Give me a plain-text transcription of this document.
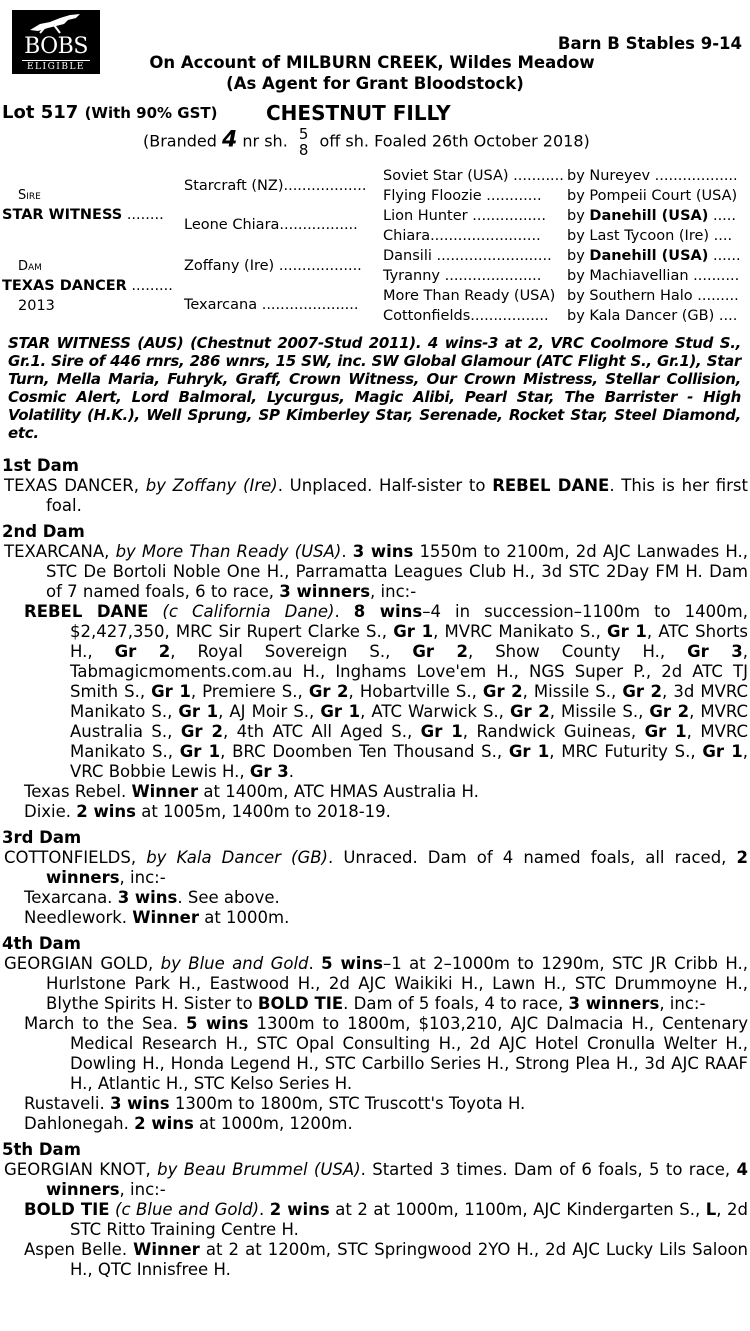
BOBS
ELIGIBLE
Barn B Stables 9-14
On Account of MILBURN CREEK, Wildes Meadow
(As Agent for Grant Bloodstock)
Lot 517 (With 90% GST) CHESTNUT FILLY
(Branded 4 nr sh. 5
8 off sh. Foaled 26th October 2018)
Sire
STAR WITNESS ........
Dam
TEXAS DANCER .........
2013
Starcraft (NZ)..................
Leone Chiara.................
Zoffany (Ire) ..................
Texarcana .....................
Soviet Star (USA) ...........
Flying Floozie ............
Lion Hunter ................
Chiara........................
Dansili .........................
Tyranny .....................
More Than Ready (USA)
Cottonfields.................
by Nureyev ..................
by Pompeii Court (USA)
by Danehill (USA) .....
by Last Tycoon (Ire) ....
by Danehill (USA) ......
by Machiavellian ..........
by Southern Halo .........
by Kala Dancer (GB) ....
STAR WITNESS (AUS) (Chestnut 2007-Stud 2011). 4 wins-3 at 2, VRC Coolmore Stud S., Gr.1. Sire of 446 rnrs, 286 wnrs, 15 SW, inc. SW Global Glamour (ATC Flight S., Gr.1), Star Turn, Mella Maria, Fuhryk, Graff, Crown Witness, Our Crown Mistress, Stellar Collision, Cosmic Alert, Lord Balmoral, Lycurgus, Magic Alibi, Pearl Star, The Barrister - High Volatility (H.K.), Well Sprung, SP Kimberley Star, Serenade, Rocket Star, Steel Diamond, etc.
1st Dam

TEXAS DANCER, by Zoffany (Ire). Unplaced. Half-sister to REBEL DANE. This is her first foal.

2nd Dam

TEXARCANA, by More Than Ready (USA). 3 wins 1550m to 2100m, 2d AJC Lanwades H., STC De Bortoli Noble One H., Parramatta Leagues Club H., 3d STC 2Day FM H. Dam of 7 named foals, 6 to race, 3 winners, inc:-

REBEL DANE (c California Dane). 8 wins–4 in succession–1100m to 1400m, $2,427,350, MRC Sir Rupert Clarke S., Gr 1, MVRC Manikato S., Gr 1, ATC Shorts H., Gr 2, Royal Sovereign S., Gr 2, Show County H., Gr 3, Tabmagicmoments.com.au H., Inghams Love'em H., NGS Super P., 2d ATC TJ Smith S., Gr 1, Premiere S., Gr 2, Hobartville S., Gr 2, Missile S., Gr 2, 3d MVRC Manikato S., Gr 1, AJ Moir S., Gr 1, ATC Warwick S., Gr 2, Missile S., Gr 2, MVRC Australia S., Gr 2, 4th ATC All Aged S., Gr 1, Randwick Guineas, Gr 1, MVRC Manikato S., Gr 1, BRC Doomben Ten Thousand S., Gr 1, MRC Futurity S., Gr 1, VRC Bobbie Lewis H., Gr 3.

Texas Rebel. Winner at 1400m, ATC HMAS Australia H.

Dixie. 2 wins at 1005m, 1400m to 2018-19.

3rd Dam

COTTONFIELDS, by Kala Dancer (GB). Unraced. Dam of 4 named foals, all raced, 2 winners, inc:-

Texarcana. 3 wins. See above.

Needlework. Winner at 1000m.

4th Dam

GEORGIAN GOLD, by Blue and Gold. 5 wins–1 at 2–1000m to 1290m, STC JR Cribb H., Hurlstone Park H., Eastwood H., 2d AJC Waikiki H., Lawn H., STC Drummoyne H., Blythe Spirits H. Sister to BOLD TIE. Dam of 5 foals, 4 to race, 3 winners, inc:-

March to the Sea. 5 wins 1300m to 1800m, $103,210, AJC Dalmacia H., Centenary Medical Research H., STC Opal Consulting H., 2d AJC Hotel Cronulla Welter H., Dowling H., Honda Legend H., STC Carbillo Series H., Strong Plea H., 3d AJC RAAF H., Atlantic H., STC Kelso Series H.

Rustaveli. 3 wins 1300m to 1800m, STC Truscott's Toyota H.

Dahlonegah. 2 wins at 1000m, 1200m.

5th Dam

GEORGIAN KNOT, by Beau Brummel (USA). Started 3 times. Dam of 6 foals, 5 to race, 4 winners, inc:-

BOLD TIE (c Blue and Gold). 2 wins at 2 at 1000m, 1100m, AJC Kindergarten S., L, 2d STC Ritto Training Centre H.

Aspen Belle. Winner at 2 at 1200m, STC Springwood 2YO H., 2d AJC Lucky Lils Saloon H., QTC Innisfree H.
